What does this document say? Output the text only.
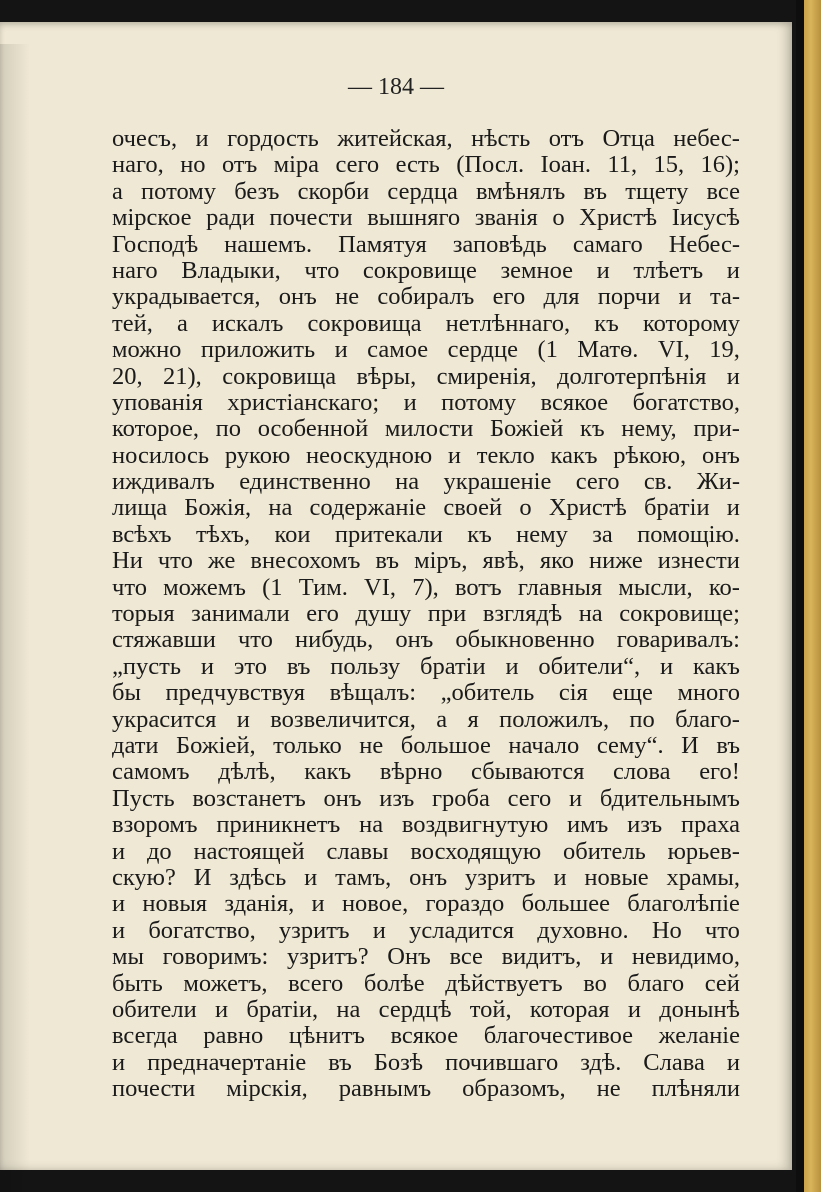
— 184 —
очесъ, и гордость житейская, нѣсть отъ Отца небес-
наго, но отъ міра сего есть (Посл. Іоан. 11, 15, 16);
а потому безъ скорби сердца вмѣнялъ въ тщету все
мірское ради почести вышняго званія о Христѣ Іисусѣ
Господѣ нашемъ. Памятуя заповѣдь самаго Небес-
наго Владыки, что сокровище земное и тлѣетъ и
украдывается, онъ не собиралъ его для порчи и та-
тей, а искалъ сокровища нетлѣннаго, къ которому
можно приложить и самое сердце (1 Матѳ. VI, 19,
20, 21), сокровища вѣры, смиренія, долготерпѣнія и
упованія христіанскаго; и потому всякое богатство,
которое, по особенной милости Божіей къ нему, при-
носилось рукою неоскудною и текло какъ рѣкою, онъ
иждивалъ единственно на украшеніе сего св. Жи-
лища Божія, на содержаніе своей о Христѣ братіи и
всѣхъ тѣхъ, кои притекали къ нему за помощію.
Ни что же внесохомъ въ міръ, явѣ, яко ниже изнести
что можемъ (1 Тим. VI, 7), вотъ главныя мысли, ко-
торыя занимали его душу при взглядѣ на сокровище;
стяжавши что нибудь, онъ обыкновенно говаривалъ:
„пусть и это въ пользу братіи и обители“, и какъ
бы предчувствуя вѣщалъ: „обитель сія еще много
украсится и возвеличится, а я положилъ, по благо-
дати Божіей, только не большое начало сему“. И въ
самомъ дѣлѣ, какъ вѣрно сбываются слова его!
Пусть возстанетъ онъ изъ гроба сего и бдительнымъ
взоромъ приникнетъ на воздвигнутую имъ изъ праха
и до настоящей славы восходящую обитель юрьев-
скую? И здѣсь и тамъ, онъ узритъ и новые храмы,
и новыя зданія, и новое, гораздо большее благолѣпіе
и богатство, узритъ и усладится духовно. Но что
мы говоримъ: узритъ? Онъ все видитъ, и невидимо,
быть можетъ, всего болѣе дѣйствуетъ во благо сей
обители и братіи, на сердцѣ той, которая и донынѣ
всегда равно цѣнитъ всякое благочестивое желаніе
и предначертаніе въ Бозѣ почившаго здѣ. Слава и
почести мірскія, равнымъ образомъ, не плѣняли
